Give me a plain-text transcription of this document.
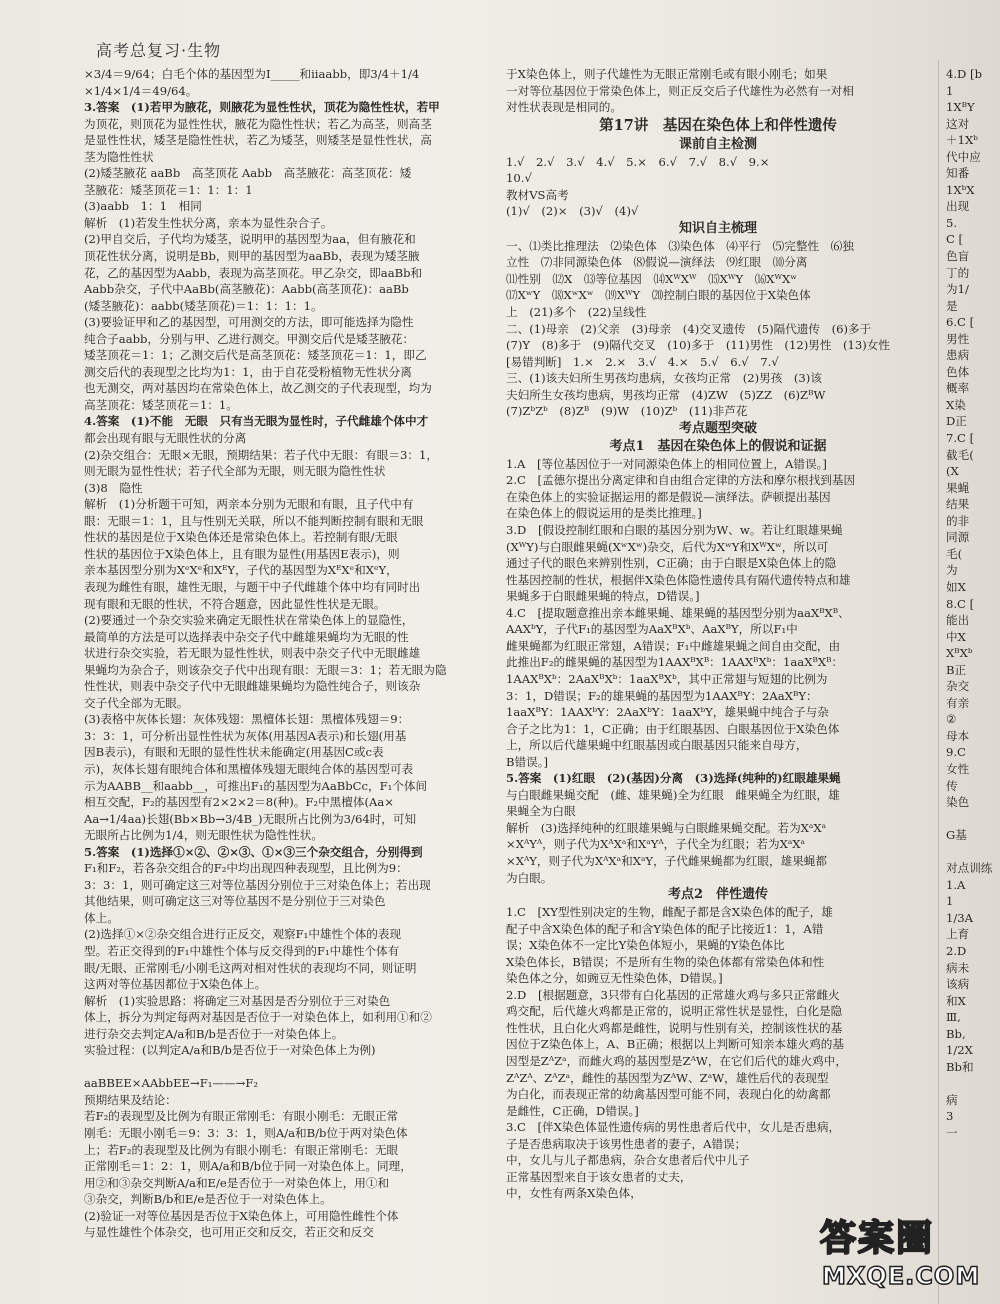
高考总复习·生物
×3/4＝9/64；白毛个体的基因型为I_____和iiaabb，即3/4＋1/4
×1/4×1/4＝49/64。
3.答案　(1)若甲为腋花，则腋花为显性性状，顶花为隐性性状，若甲
为顶花，则顶花为显性性状，腋花为隐性性状；若乙为高茎，则高茎
是显性性状，矮茎是隐性性状，若乙为矮茎，则矮茎是显性性状，高
茎为隐性性状
(2)矮茎腋花 aaBb　高茎顶花 Aabb　高茎腋花：高茎顶花：矮
茎腋花：矮茎顶花＝1：1：1：1
(3)aabb　1：1　相同
解析　(1)若发生性状分离，亲本为显性杂合子。
(2)甲自交后，子代均为矮茎，说明甲的基因型为aa，但有腋花和
顶花性状分离，说明是Bb，则甲的基因型为aaBb，表现为矮茎腋
花，乙的基因型为Aabb，表现为高茎顶花。甲乙杂交，即aaBb和
Aabb杂交，子代中AaBb(高茎腋花)：Aabb(高茎顶花)：aaBb
(矮茎腋花)：aabb(矮茎顶花)＝1：1：1：1。
(3)要验证甲和乙的基因型，可用测交的方法，即可能选择为隐性
纯合子aabb，分别与甲、乙进行测交。甲测交后代是矮茎腋花：
矮茎顶花＝1：1；乙测交后代是高茎顶花：矮茎顶花＝1：1，即乙
测交后代的表现型之比均为1：1，由于自花受粉植物无性状分离
也无测交，两对基因均在常染色体上，故乙测交的子代表现型，均为
高茎顶花：矮茎顶花＝1：1。
4.答案　(1)不能　无眼　只有当无眼为显性时，子代雌雄个体中才
都会出现有眼与无眼性状的分离
(2)杂交组合：无眼×无眼，预期结果：若子代中无眼：有眼＝3：1，
则无眼为显性性状；若子代全部为无眼，则无眼为隐性性状
(3)8　隐性
解析　(1)分析题干可知，两亲本分别为无眼和有眼，且子代中有
眼：无眼＝1：1，且与性别无关联，所以不能判断控制有眼和无眼
性状的基因是位于X染色体还是常染色体上。若控制有眼/无眼
性状的基因位于X染色体上，且有眼为显性(用基因E表示)，则
亲本基因型分别为XᵉXᵉ和XᴱY，子代的基因型为XᴱXᵉ和XᵉY，
表现为雌性有眼，雄性无眼，与题干中子代雌雄个体中均有同时出
现有眼和无眼的性状，不符合题意，因此显性性状是无眼。
(2)要通过一个杂交实验来确定无眼性状在常染色体上的显隐性，
最简单的方法是可以选择表中杂交子代中雌雄果蝇均为无眼的性
状进行杂交实验，若无眼为显性性状，则表中杂交子代中无眼雌雄
果蝇均为杂合子，则该杂交子代中出现有眼：无眼＝3：1；若无眼为隐
性性状，则表中杂交子代中无眼雌雄果蝇均为隐性纯合子，则该杂
交子代全部为无眼。
(3)表格中灰体长翅：灰体残翅：黑檀体长翅：黑檀体残翅＝9：
3：3：1，可分析出显性性状为灰体(用基因A表示)和长翅(用基
因B表示)，有眼和无眼的显性性状未能确定(用基因C或c表
示)，灰体长翅有眼纯合体和黑檀体残翅无眼纯合体的基因型可表
示为AABB__和aabb__，可推出F₁的基因型为AaBbCc，F₁个体间
相互交配，F₂的基因型有2×2×2＝8(种)。F₂中黑檀体(Aa×
Aa→1/4aa)长翅(Bb×Bb→3/4B_)无眼所占比例为3/64时，可知
无眼所占比例为1/4，则无眼性状为隐性性状。
5.答案　(1)选择①×②、②×③、①×③三个杂交组合，分别得到
F₁和F₂，若各杂交组合的F₂中均出现四种表现型，且比例为9：
3：3：1，则可确定这三对等位基因分别位于三对染色体上；若出现
其他结果，则可确定这三对等位基因不是分别位于三对染色
体上。
(2)选择①×②杂交组合进行正反交，观察F₁中雄性个体的表现
型。若正交得到的F₁中雄性个体与反交得到的F₁中雄性个体有
眼/无眼、正常刚毛/小刚毛这两对相对性状的表现均不同，则证明
这两对等位基因都位于X染色体上。
解析　(1)实验思路：将确定三对基因是否分别位于三对染色
体上，拆分为判定每两对基因是否位于一对染色体上，如利用①和②
进行杂交去判定A/a和B/b是否位于一对染色体上。
实验过程：(以判定A/a和B/b是否位于一对染色体上为例)
aaBBEE×AAbbEE→F₁——→F₂
预期结果及结论：
若F₂的表现型及比例为有眼正常刚毛：有眼小刚毛：无眼正常
刚毛：无眼小刚毛＝9：3：3：1，则A/a和B/b位于两对染色体
上；若F₂的表现型及比例为有眼小刚毛：有眼正常刚毛：无眼
正常刚毛＝1：2：1，则A/a和B/b位于同一对染色体上。同理，
用②和③杂交判断A/a和E/e是否位于一对染色体上，用①和
③杂交，判断B/b和E/e是否位于一对染色体上。
(2)验证一对等位基因是否位于X染色体上，可用隐性雌性个体
与显性雄性个体杂交，也可用正交和反交，若正交和反交
于X染色体上，则子代雄性为无眼正常刚毛或有眼小刚毛；如果
一对等位基因位于常染色体上，则正反交后子代雄性为必然有一对相
对性状表现是相同的。
第17讲　基因在染色体上和伴性遗传
课前自主检测
1.√　2.√　3.√　4.√　5.×　6.√　7.√　8.√　9.×
10.√
教材VS高考
(1)√　(2)×　(3)√　(4)√
知识自主梳理
一、⑴类比推理法　⑵染色体　⑶染色体　⑷平行　⑸完整性　⑹独
立性　⑺非同源染色体　⑻假说—演绎法　⑼红眼　⑽分离
⑾性别　⑿X　⒀等位基因　⒁XᵂXᵂ　⒂XᵂY　⒃XᵂXʷ
⒄XʷY　⒅XʷXʷ　⒆XᵂY　⒇控制白眼的基因位于X染色体
上　(21)多个　(22)呈线性
二、(1)母亲　(2)父亲　(3)母亲　(4)交叉遗传　(5)隔代遗传　(6)多于
(7)Y　(8)多于　(9)隔代交叉　(10)多于　(11)男性　(12)男性　(13)女性
[易错判断]　1.×　2.×　3.√　4.×　5.√　6.√　7.√
三、(1)该夫妇所生男孩均患病，女孩均正常　(2)男孩　(3)该
夫妇所生女孩均患病，男孩均正常　(4)ZW　(5)ZZ　(6)ZᴮW
(7)ZᵇZᵇ　(8)Zᴮ　(9)W　(10)Zᵇ　(11)非芦花
考点题型突破
考点1　基因在染色体上的假说和证据
1.A　[等位基因位于一对同源染色体上的相同位置上，A错误。]
2.C　[孟德尔提出分离定律和自由组合定律的方法和摩尔根找到基因
在染色体上的实验证据运用的都是假说—演绎法。萨顿提出基因
在染色体上的假说运用的是类比推理。]
3.D　[假设控制红眼和白眼的基因分别为W、w。若让红眼雄果蝇
(XᵂY)与白眼雌果蝇(XʷXʷ)杂交，后代为XʷY和XᵂXʷ，所以可
通过子代的眼色来辨别性别，C正确；由于白眼是X染色体上的隐
性基因控制的性状，根据伴X染色体隐性遗传具有隔代遗传特点和雄
果蝇多于白眼雌果蝇的特点，D错误。]
4.C　[提取题意推出亲本雌果蝇、雄果蝇的基因型分别为aaXᴮXᴮ、
AAXᵇY，子代F₁的基因型为AaXᴮXᵇ、AaXᴮY，所以F₁中
雌果蝇都为红眼正常翅，A错误；F₁中雌雄果蝇之间自由交配，由
此推出F₂的雌果蝇的基因型为1AAXᴮXᴮ：1AAXᴮXᵇ：1aaXᴮXᴮ：
1AAXᴮXᵇ：2AaXᴮXᵇ：1aaXᴮXᵇ，其中正常翅与短翅的比例为
3：1，D错误；F₂的雄果蝇的基因型为1AAXᴮY：2AaXᴮY：
1aaXᴮY：1AAXᵇY：2AaXᵇY：1aaXᵇY，雄果蝇中纯合子与杂
合子之比为1：1，C正确；由于红眼基因、白眼基因位于X染色体
上，所以后代雄果蝇中红眼基因或白眼基因只能来自母方，
B错误。]
5.答案　(1)红眼　(2)(基因)分离　(3)选择(纯种的)红眼雄果蝇
与白眼雌果蝇交配　(雌、雄果蝇)全为红眼　雌果蝇全为红眼，雄
果蝇全为白眼
解析　(3)选择纯种的红眼雄果蝇与白眼雌果蝇交配。若为XᵃXᵃ
×XᴬYᴬ，则子代为XᴬXᵃ和XᵃYᴬ，子代全为红眼；若为XᵃXᵃ
×XᴬY，则子代为XᴬXᵃ和XᵃY，子代雌果蝇都为红眼，雄果蝇都
为白眼。
考点2　伴性遗传
1.C　[XY型性别决定的生物，雌配子都是含X染色体的配子，雄
配子中含X染色体的配子和含Y染色体的配子比接近1：1，A错
误；X染色体不一定比Y染色体短小，果蝇的Y染色体比
X染色体长，B错误；不是所有生物的染色体都有常染色体和性
染色体之分，如豌豆无性染色体，D错误。]
2.D　[根据题意，3只带有白化基因的正常雄火鸡与多只正常雌火
鸡交配，后代雄火鸡都是正常的，说明正常性状是显性，白化是隐
性性状，且白化火鸡都是雌性，说明与性别有关，控制该性状的基
因位于Z染色体上，A、B正确；根据以上判断可知亲本雄火鸡的基
因型是ZᴬZᵃ，而雌火鸡的基因型是ZᴬW，在它们后代的雄火鸡中，
ZᴬZᴬ、ZᴬZᵃ，雌性的基因型为ZᴬW、ZᵃW，雄性后代的表现型
为白化，而表现正常的幼禽基因型可能不同，表现白化的幼禽都
是雌性，C正确，D错误。]
3.C　[伴X染色体显性遗传病的男性患者后代中，女儿是否患病，
子是否患病取决于该男性患者的妻子，A错误；
中，女儿与儿子都患病，杂合女患者后代中儿子
正常基因型来自于该女患者的丈夫，
中，女性有两条X染色体，
4.D [b
1
1XᴮY
这对
＋1Xᵇ
代中应
知番
1XᵇX
出现
5.
C [
色盲
丁的
为1/
是
6.C [
男性
患病
色体
概率
X染
D正
7.C [
截毛(
(X
果蝇
结果
的非
同源
毛(
为
如X
8.C [
能出
中X
XᴮXᵇ
B正
杂交
有亲
②
母本
9.C
女性
传
染色
G基
对点训练
1.A
1
1/3A
上育
2.D
病未
该病
和X
Ⅲ,
Bb,
1/2X
Bb和
病
3
一
答案圈
MXQE.COM
